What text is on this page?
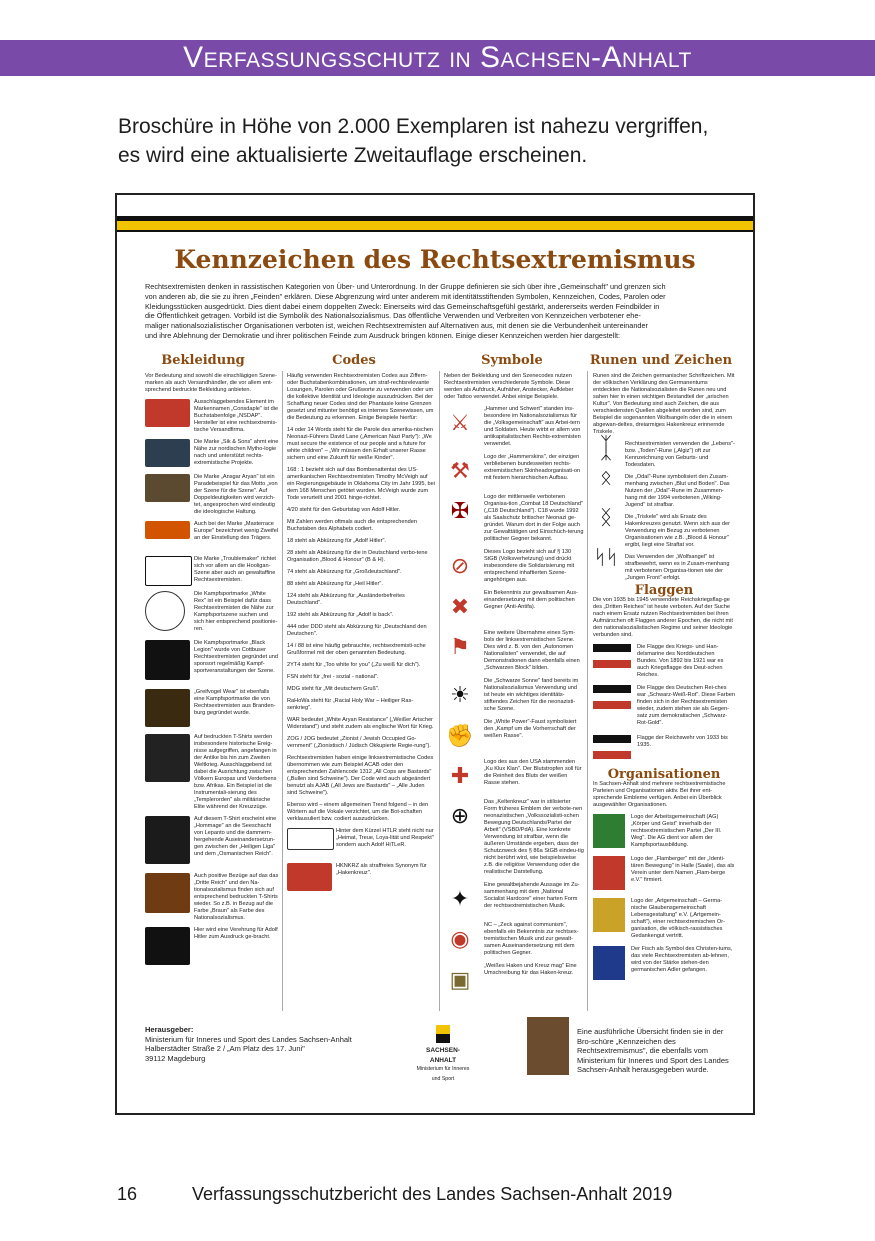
Verfassungsschutz in Sachsen-Anhalt
Broschüre in Höhe von 2.000 Exemplaren ist nahezu vergriffen,
es wird eine aktualisierte Zweitauflage erscheinen.
Kennzeichen des Rechtsextremismus
Rechtsextremisten denken in rassistischen Kategorien von Über- und Unterordnung. In der Gruppe definieren sie sich über ihre „Gemeinschaft" und grenzen sich
von anderen ab, die sie zu ihren „Feinden" erklären. Diese Abgrenzung wird unter anderem mit identitätsstiftenden Symbolen, Kennzeichen, Codes, Parolen oder
Kleidungsstücken ausgedrückt. Dies dient dabei einem doppelten Zweck: Einerseits wird das Gemeinschaftsgefühl gestärkt, andererseits werden Feindbilder in
die Öffentlichkeit getragen. Vorbild ist die Symbolik des Nationalsozialismus. Das öffentliche Verwenden und Verbreiten von Kennzeichen verbotener ehe-
maliger nationalsozialistischer Organisationen verboten ist, weichen Rechtsextremisten auf Alternativen aus, mit denen sie die Verbundenheit untereinander
und ihre Ablehnung der Demokratie und ihrer politischen Feinde zum Ausdruck bringen können. Einige dieser Kennzeichen werden hier dargestellt:
Bekleidung	Codes	Symbole	Runen und Zeichen

Vor Bedeutung sind sowohl die einschlägigen Szene-marken als auch Versandhändler, die vor allem ent-sprechend bedruckte Bekleidung anbieten.

Ausschlaggebendes Element im Markennamen „Consdaple" ist die Buchstabenfolge „NSDAP". Hersteller ist eine rechtsextremis-tische Versandfirma.
Die Marke „Sik & Sons" ahmt eine Nähe zur nordischen Mytho-logie nach und unterstützt rechts-extremistische Projekte.
Die Marke „Ansgar Aryan" ist ein Paradebeispiel für das Motto „von der Szene für die Szene". Auf Doppeldeutigkeiten wird verzich-tet, angesprochen wird eindeutig die ideologische Haltung.
Auch bei der Marke „Masterrace Europe" bezeichnet wenig Zweifel an der Einstellung des Trägers.
Die Marke „Troublemaker" richtet sich vor allem an die Hooligan-Szene aber auch an gewaltaffine Rechtsextremisten.
Die Kampfsportmarke „White Rex" ist ein Beispiel dafür dass Rechtsextremisten die Nähe zur Kampfsportszene suchen und sich hier entsprechend positionie-ren.
Die Kampfsportmarke „Black Legion" wurde von Cottbuser Rechtsextremisten gegründet und sponsort regelmäßig Kampf-sportveranstaltungen der Szene.
„Greifvogel Wear" ist ebenfalls eine Kampfsportmarke die von Rechtsextremisten aus Branden-burg gegründet wurde.
Auf bedruckten T-Shirts werden insbesondere historische Ereig-nisse aufgegriffen, angefangen in der Antike bis hin zum Zweiten Weltkrieg. Ausschlaggebend ist dabei die Ausrichtung zwischen Völkern Europas und Verderbens bzw. Afrikas. Ein Beispiel ist die Instrumentali-sierung des „Templerorden" als militärische Elite während der Kreuzzüge.
Auf diesem T-Shirt erscheint eine „Hommage" an die Seeschacht von Lepanto und die dammern-hergehende Auseinandersetzun-gen zwischen der „Heiligen Liga" und dem „Osmanischen Reich".
Auch positive Bezüge auf das das „Dritte Reich" und den Na-tionalsozialismus finden sich auf entsprechend bedruckten T-Shirts wieder. So z.B. in Bezug auf die Farbe „Braun" als Farbe des Nationalsozialismus.
Hier wird eine Verehrung für Adolf Hitler zum Ausdruck ge-bracht.

Häufig verwenden Rechtsextremisten Codes aus Ziffern- oder Buchstabenkombinationen, um straf-rechtsrelevante Losungen, Parolen oder Grußworte zu verwenden oder um die kollektive Identität und Ideologie auszudrücken. Bei der Schaffung neuer Codes sind der Phantasie keine Grenzen gesetzt und mitunter benötigt es internes Szenewissen, um die Bedeutung zu erkennen. Einige Beispiele hierfür:

14 oder 14 Words steht für die Parole des amerika-nischen Neonazi-Führers David Lane („American Nazi Party"): „We must secure the existence of our people and a future for white children" – „Wir müssen den Erhalt unserer Rasse sichern und eine Zukunft für weiße Kinder".

168 : 1 bezieht sich auf das Bombenattentat des US-amerikanischen Rechtsextremisten Timothy McVeigh auf ein Regierungsgebäude in Oklahoma City im Jahr 1995, bei dem 168 Menschen getötet wurden. McVeigh wurde zum Tode verurteilt und 2001 hinge-richtet.

4/20 steht für den Geburtstag von Adolf Hitler.

Mit Zahlen werden oftmals auch die entsprechenden Buchstaben des Alphabets codiert.

18 steht als Abkürzung für „Adolf Hitler".

28 steht als Abkürzung für die in Deutschland verbo-tene Organisation „Blood & Honour" (B & H).

74 steht als Abkürzung für „Großdeutschland".

88 steht als Abkürzung für „Heil Hitler".

124 steht als Abkürzung für „Ausländerbefreites Deutschland".

192 steht als Abkürzung für „Adolf is back".

444 oder DDD steht als Abkürzung für „Deutschland den Deutschen".

14 / 88 ist eine häufig gebrauchte, rechtsextremisti-sche Grußformel mit der oben genannten Bedeutung.

2YT4 steht für „Too white for you" („Zu weiß für dich").

FSN steht für „frei - sozial - national".

MDG steht für „Mit deutschem Gruß".

RaHoWa steht für „Racial Holy War – Heiliger Ras-senkrieg".

WAR bedeutet „White Aryan Resistance" („Weißer Arischer Widerstand") und steht zudem als englische Wort für Krieg.

ZOG / JOG bedeutet „Zionist / Jewish Occupied Go-vernment" („Zionistisch / Jüdisch Okkupierte Regie-rung").

Rechtsextremisten haben einige linksextremistische Codes übernommen wie zum Beispiel ACAB oder den entsprechenden Zahlencode 1312 „All Cops are Bastards" („Bullen sind Schweine"). Der Code wird auch abgeändert benutzt als AJAB („All Jews are Bastards" – „Alle Juden sind Schweine").

Ebenso wird – einem allgemeinen Trend folgend – in den Wörtern auf die Vokale verzichtet, um die Bot-schaften verklausuliert bzw. codiert auszudrücken.

Hinter dem Kürzel HTLR steht nicht nur „Heimat, Treue, Loya-lität und Respekt" sondern auch Adolf HiTLeR.
HKNKRZ als straffreies Synonym für „Hakenkreuz".

Neben der Bekleidung und den Szenecodes nutzen Rechtsextremisten verschiedenste Symbole. Diese werden als Aufdruck, Aufnäher, Anstecker, Aufkleber oder Tattoo verwendet. Anbei einige Beispiele.

⚔
„Hammer und Schwert" standen ins-besondere im Nationalsozialismus für die „Volksgemeinschaft" aus Arbei-tern und Soldaten. Heute wirbt er allem von antikapitalistischen Rechts-extremisten verwendet.
⚒
Logo der „Hammerskins", der einzigen verbliebenen bundesweiten rechts-extremistischen Skinheadorganisati-on mit festem hierarchischen Aufbau.
✠
Logo der mittlerweile verbotenen Organisa-tion „Combat 18 Deutschland" („C18 Deutschland"). C18 wurde 1992 als Saalschutz britischer Neonazi ge-gründet. Warum dort in der Folge auch zur Gewalttätigen und Einschüch-terung politischer Gegner bekannt.
⊘
Dieses Logo bezieht sich auf § 130 StGB (Volksverhetzung) und drückt insbesondere die Solidarisierung mit entsprechend inhaftierten Szene-angehörigen aus.
✖
Ein Bekenntnis zur gewaltsamen Aus-einandersetzung mit dem politischen Gegner (Anti-Antifa).
⚑
Eine weitere Übernahme eines Sym-bols der linksextremistischen Szene. Dies wird z. B. von den „Autonomen Nationalisten" verwendet, die auf Demonstrationen dann ebenfalls einen „Schwarzen Block" bilden.
☀
Die „Schwarze Sonne" fand bereits im Nationalsozialismus Verwendung und ist heute ein wichtiges identitäts-stiftendes Zeichen für die neonazisti-sche Szene.
✊
Die „White Power"-Faust symbolisiert den „Kampf um die Vorherrschaft der weißen Rasse".
✚
Logo des aus den USA stammenden „Ku Klux Klan". Der Blutstropfen soll für die Reinheit des Bluts der weißen Rasse stehen.
⊕
Das „Keltenkreuz" war in stilisierter Form früheres Emblem der verbote-nen neonazistischen „Volkssozialisti-schen Bewegung Deutschlands/Partei der Arbeit" (VSBD/PdA). Eine konkrete Verwendung ist strafbar, wenn die äußeren Umstände ergeben, dass der Schutzzweck des § 86a StGB eindeu-tig nicht berührt wird, wie beispielsweise z.B. die religiöse Verwendung oder die realistische Darstellung.
✦
Eine gewaltbejahende Aussage im Zu-sammenhang mit dem „National Socialist Hardcore" einer harten Form der rechtsextremistischen Musik.
◉
NC – „Zeck against communism", ebenfalls ein Bekenntnis zur rechtsex-tremistischen Musik und zur gewalt-samen Auseinandersetzung mit dem politischen Gegner.
▣
„Weißes Haken und Kreuz mag" Eine Umschreibung für das Haken-kreuz.

Runen sind die Zeichen germanischer Schriftzeichen. Mit der völkischen Verklärung des Germanentums entdeckten die Nationalsozialisten die Runen neu und sahen hier in einen wichtigen Bestandteil der „arischen Kultur". Von Bedeutung sind auch Zeichen, die aus verschiedensten Quellen abgeleitet worden sind, zum Beispiel die sogenannten Wolfsangeln oder die in einem abgewan-deltes, dreiarmiges Hakenkreuz erinnernde Triskele.

ᛉ ᛣ	Rechtsextremisten verwenden die „Lebens"- bzw. „Toden"-Rune („Algiz") oft zur Kennzeichnung von Geburts- und Todesdaten.
ᛟ	Die „Odal"-Rune symbolisiert den Zusam-menhang zwischen „Blut und Boden". Das Nutzen der „Odal"-Rune im Zusammen-hang mit der 1994 verbotenen „Wiking-Jugend" ist strafbar.
ᛝ	Die „Triskele" wird als Ersatz des Hakenkreuzes genutzt. Wenn sich aus der Verwendung ein Bezug zu verbotenen Organisationen wie z.B. „Blood & Honour" ergibt, liegt eine Straftat vor.
ᛋᛋ Das Verwenden der „Wolfsangel" ist strafbewehrt, wenn es in Zusam-menhang mit verbotenen Organisa-tionen wie der „Jungen Front" erfolgt.
Flaggen

Die von 1935 bis 1945 verwendete Reichskriegsflag-ge des „Dritten Reiches" ist heute verboten. Auf der Suche nach einem Ersatz nutzen Rechtsextremisten bei ihren Aufmärschen oft Flaggen anderer Epochen, die nicht mit den nationalsozialistischen Regime und seiner Ideologie verbunden sind.

Die Flagge des Kriegs- und Han-delsmarine des Norddeutschen Bundes. Von 1892 bis 1921 war es auch Kriegsflagge des Deut-schen Reiches.
Die Flagge des Deutschen Rei-ches war „Schwarz-Weiß-Rot". Diese Farben finden sich in der Rechtsextremisten wieder, zudem stehen sie als Gegen-satz zum demokratischen „Schwarz-Rot-Gold".
Flagge der Reichswehr von 1933 bis 1935.
Organisationen

In Sachsen-Anhalt sind mehrere rechtsextremistische Parteien und Organisationen aktiv. Bei ihrer ent-sprechende Embleme verfügen. Anbei ein Überblick ausgewählter Organisationen.

Logo der Arbeitsgemeinschaft (AG) „Körper und Geist" innerhalb der rechtsextremistischen Partei „Der III. Weg". Die AG dient vor allem der Kampfsportausbildung.
Logo der „Flamberger" mit der „Identi-tären Bewegung" in Halle (Saale), das als Verein unter dem Namen „Flam-berge e.V." firmiert.
Logo der „Artgemeinschaft – Germa-nische Glaubensgemeinschaft Lebensgestaltung" e.V. („Artgemein-schaft"), einer rechtsextremischen Or-ganisation, die völkisch-rassistisches Gedankengut vertritt.
Der Fisch als Symbol des Christen-tums, das viele Rechtsextremisten ab-lehnen, wird von der Stärke stehen-den germanischen Adler gefangen.
Herausgeber:
Ministerium für Inneres und Sport des Landes Sachsen-Anhalt
Halberstädter Straße 2 / „Am Platz des 17. Juni"
39112 Magdeburg
SACHSEN-ANHALT
Ministerium für Inneres und Sport
Eine ausführliche Übersicht finden sie in der Bro-schüre „Kennzeichen des Rechtsextremismus", die ebenfalls vom Ministerium für Inneres und Sport des Landes Sachsen-Anhalt herausgegeben wurde.
16	Verfassungsschutzbericht des Landes Sachsen-Anhalt 2019
